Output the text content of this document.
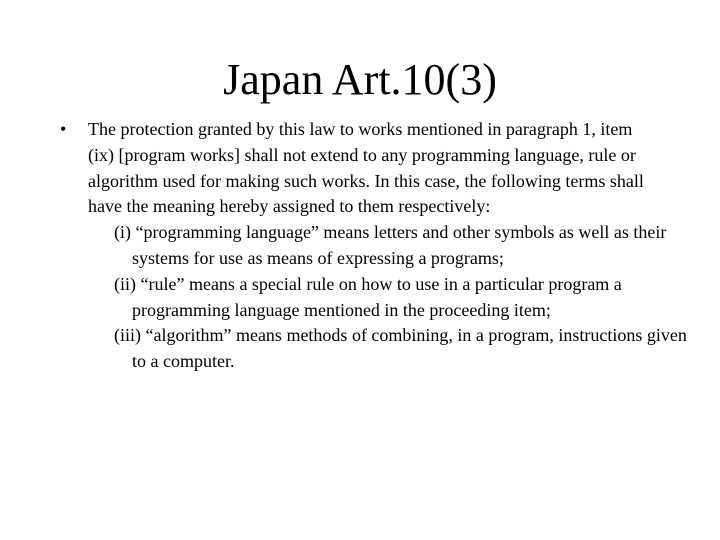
Japan Art.10(3)
• The protection granted by this law to works mentioned in paragraph 1, item (ix) [program works] shall not extend to any programming language, rule or algorithm used for making such works. In this case, the following terms shall have the meaning hereby assigned to them respectively:
(i) “programming language” means letters and other symbols as well as their systems for use as means of expressing a programs;
(ii) “rule” means a special rule on how to use in a particular program a programming language mentioned in the proceeding item;
(iii) “algorithm” means methods of combining, in a program, instructions given to a computer.
